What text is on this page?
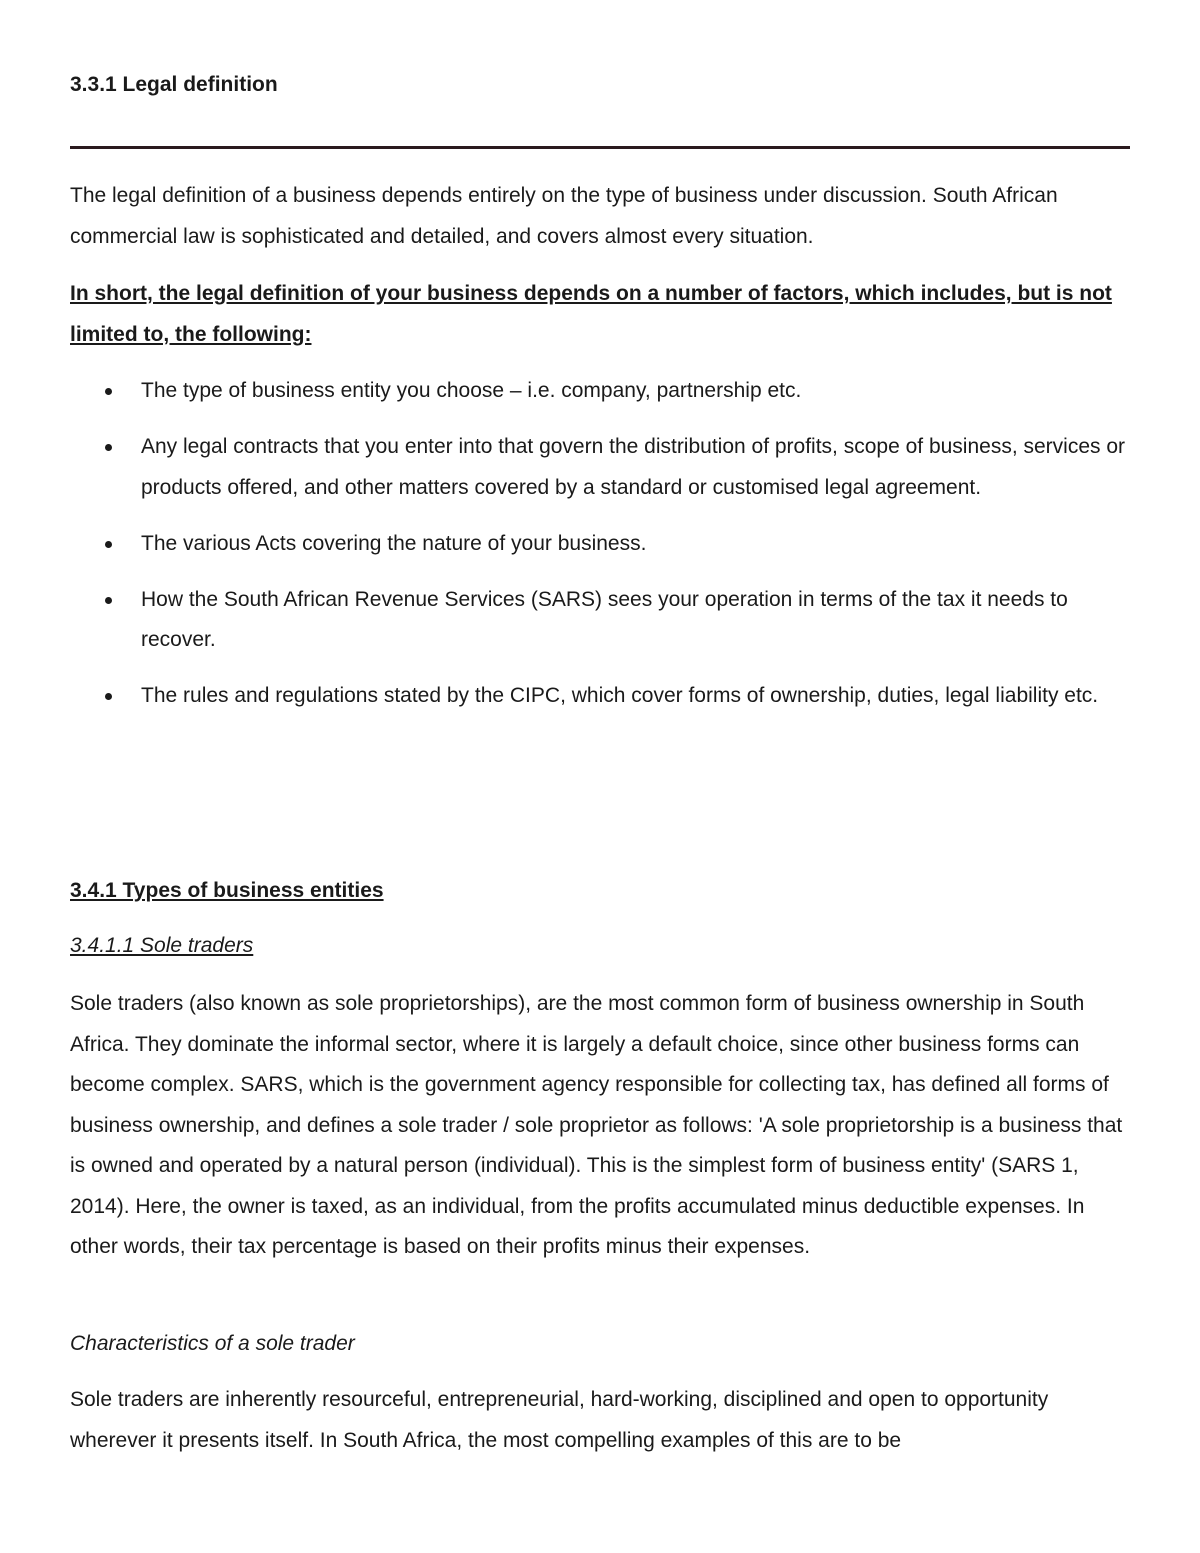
3.3.1 Legal definition

The legal definition of a business depends entirely on the type of business under discussion. South African commercial law is sophisticated and detailed, and covers almost every situation.

In short, the legal definition of your business depends on a number of factors, which includes, but is not limited to, the following:

The type of business entity you choose – i.e. company, partnership etc.
Any legal contracts that you enter into that govern the distribution of profits, scope of business, services or products offered, and other matters covered by a standard or customised legal agreement.
The various Acts covering the nature of your business.
How the South African Revenue Services (SARS) sees your operation in terms of the tax it needs to recover.
The rules and regulations stated by the CIPC, which cover forms of ownership, duties, legal liability etc.
3.4.1 Types of business entities

3.4.1.1 Sole traders

Sole traders (also known as sole proprietorships), are the most common form of business ownership in South Africa. They dominate the informal sector, where it is largely a default choice, since other business forms can become complex. SARS, which is the government agency responsible for collecting tax, has defined all forms of business ownership, and defines a sole trader / sole proprietor as follows: 'A sole proprietorship is a business that is owned and operated by a natural person (individual). This is the simplest form of business entity' (SARS 1, 2014). Here, the owner is taxed, as an individual, from the profits accumulated minus deductible expenses. In other words, their tax percentage is based on their profits minus their expenses.

Characteristics of a sole trader

Sole traders are inherently resourceful, entrepreneurial, hard-working, disciplined and open to opportunity wherever it presents itself. In South Africa, the most compelling examples of this are to be
